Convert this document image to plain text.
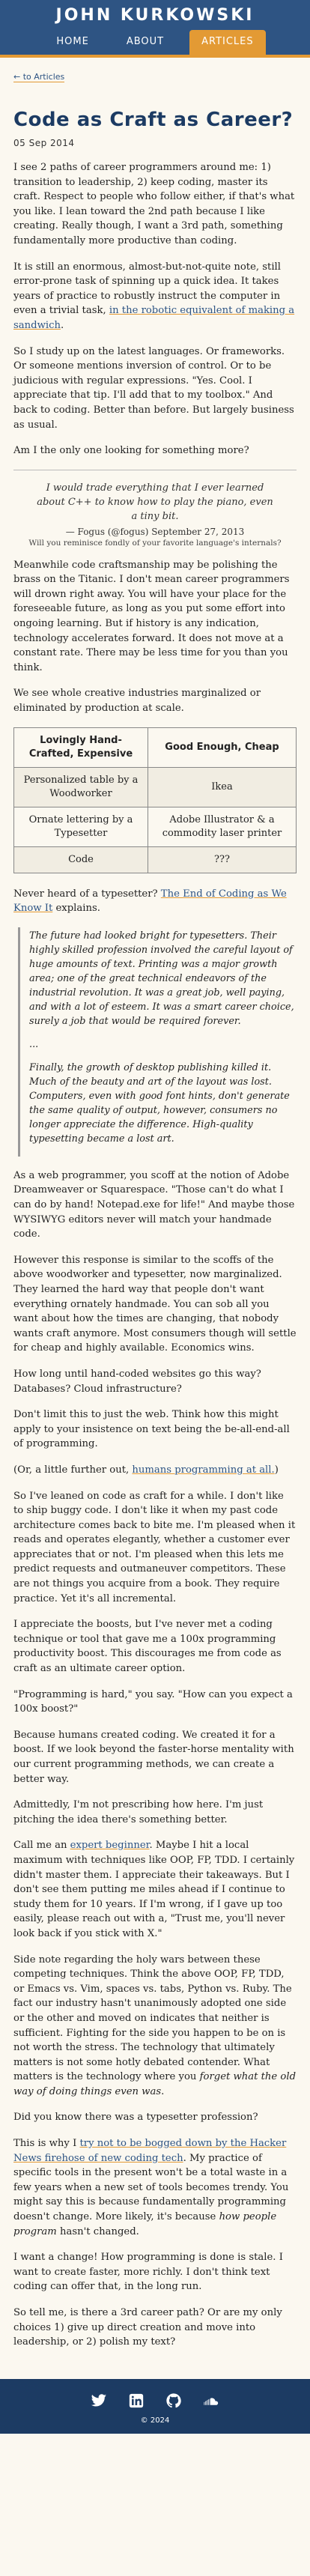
JOHN KURKOWSKI
HOME	ABOUT	ARTICLES
← to Articles
Code as Craft as Career?
05 Sep 2014

I see 2 paths of career programmers around me: 1) transition to leadership, 2) keep coding, master its craft. Respect to people who follow either, if that's what you like. I lean toward the 2nd path because I like creating. Really though, I want a 3rd path, something fundamentally more productive than coding.

It is still an enormous, almost-but-not-quite note, still error-prone task of spinning up a quick idea. It takes years of practice to robustly instruct the computer in even a trivial task, in the robotic equivalent of making a sandwich.

So I study up on the latest languages. Or frameworks. Or someone mentions inversion of control. Or to be judicious with regular expressions. "Yes. Cool. I appreciate that tip. I'll add that to my toolbox." And back to coding. Better than before. But largely business as usual.

Am I the only one looking for something more?

I would trade everything that I ever learned about C++ to know how to play the piano, even a tiny bit.
— Fogus (@fogus) September 27, 2013
Will you reminisce fondly of your favorite language's internals?

Meanwhile code craftsmanship may be polishing the brass on the Titanic. I don't mean career programmers will drown right away. You will have your place for the foreseeable future, as long as you put some effort into ongoing learning. But if history is any indication, technology accelerates forward. It does not move at a constant rate. There may be less time for you than you think.

We see whole creative industries marginalized or eliminated by production at scale.

Lovingly Hand-Crafted, Expensive	Good Enough, Cheap
Personalized table by a Woodworker	Ikea
Ornate lettering by a Typesetter	Adobe Illustrator & a commodity laser printer
Code	???

Never heard of a typesetter? The End of Coding as We Know It explains.

The future had looked bright for typesetters. Their highly skilled profession involved the careful layout of huge amounts of text. Printing was a major growth area; one of the great technical endeavors of the industrial revolution. It was a great job, well paying, and with a lot of esteem. It was a smart career choice, surely a job that would be required forever.

...

Finally, the growth of desktop publishing killed it. Much of the beauty and art of the layout was lost. Computers, even with good font hints, don't generate the same quality of output, however, consumers no longer appreciate the difference. High-quality typesetting became a lost art.

As a web programmer, you scoff at the notion of Adobe Dreamweaver or Squarespace. "Those can't do what I can do by hand! Notepad.exe for life!" And maybe those WYSIWYG editors never will match your handmade code.

However this response is similar to the scoffs of the above woodworker and typesetter, now marginalized. They learned the hard way that people don't want everything ornately handmade. You can sob all you want about how the times are changing, that nobody wants craft anymore. Most consumers though will settle for cheap and highly available. Economics wins.

How long until hand-coded websites go this way? Databases? Cloud infrastructure?

Don't limit this to just the web. Think how this might apply to your insistence on text being the be-all-end-all of programming.

(Or, a little further out, humans programming at all.)

So I've leaned on code as craft for a while. I don't like to ship buggy code. I don't like it when my past code architecture comes back to bite me. I'm pleased when it reads and operates elegantly, whether a customer ever appreciates that or not. I'm pleased when this lets me predict requests and outmaneuver competitors. These are not things you acquire from a book. They require practice. Yet it's all incremental.

I appreciate the boosts, but I've never met a coding technique or tool that gave me a 100x programming productivity boost. This discourages me from code as craft as an ultimate career option.

"Programming is hard," you say. "How can you expect a 100x boost?"

Because humans created coding. We created it for a boost. If we look beyond the faster-horse mentality with our current programming methods, we can create a better way.

Admittedly, I'm not prescribing how here. I'm just pitching the idea there's something better.

Call me an expert beginner. Maybe I hit a local maximum with techniques like OOP, FP, TDD. I certainly didn't master them. I appreciate their takeaways. But I don't see them putting me miles ahead if I continue to study them for 10 years. If I'm wrong, if I gave up too easily, please reach out with a, "Trust me, you'll never look back if you stick with X."

Side note regarding the holy wars between these competing techniques. Think the above OOP, FP, TDD, or Emacs vs. Vim, spaces vs. tabs, Python vs. Ruby. The fact our industry hasn't unanimously adopted one side or the other and moved on indicates that neither is sufficient. Fighting for the side you happen to be on is not worth the stress. The technology that ultimately matters is not some hotly debated contender. What matters is the technology where you forget what the old way of doing things even was.

Did you know there was a typesetter profession?

This is why I try not to be bogged down by the Hacker News firehose of new coding tech. My practice of specific tools in the present won't be a total waste in a few years when a new set of tools becomes trendy. You might say this is because fundamentally programming doesn't change. More likely, it's because how people program hasn't changed.

I want a change! How programming is done is stale. I want to create faster, more richly. I don't think text coding can offer that, in the long run.

So tell me, is there a 3rd career path? Or are my only choices 1) give up direct creation and move into leadership, or 2) polish my text?

© 2024
